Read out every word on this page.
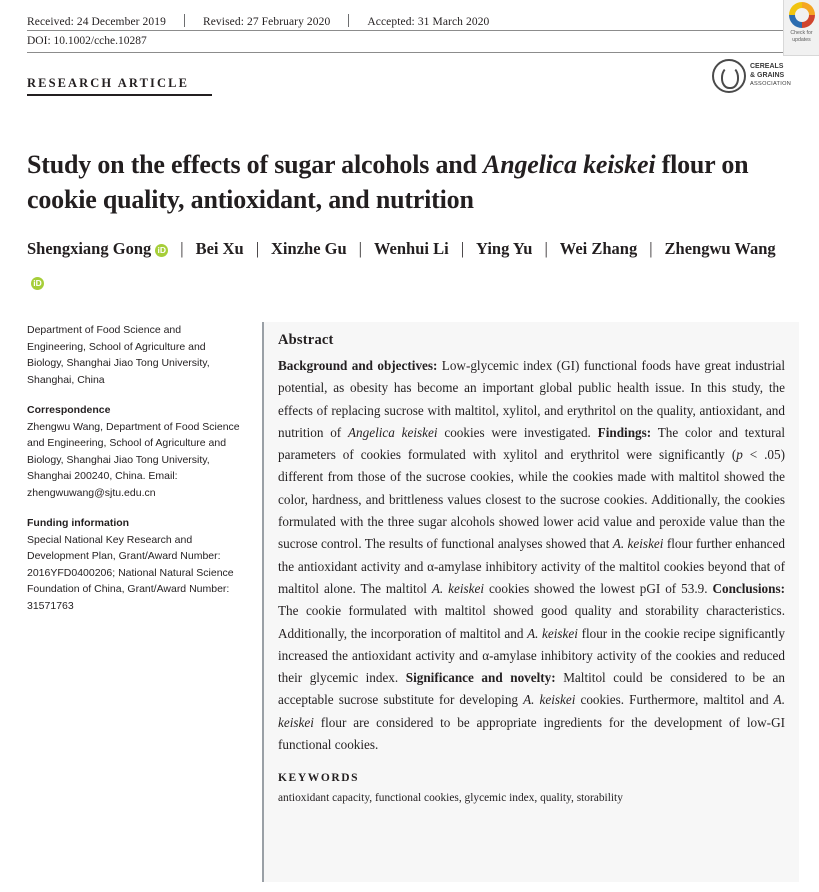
Received: 24 December 2019	Revised: 27 February 2020	Accepted: 31 March 2020
DOI: 10.1002/cche.10287
Check for updates
RESEARCH ARTICLE
CEREALS
& GRAINS
ASSOCIATION
Study on the effects of sugar alcohols and Angelica keiskei flour on cookie quality, antioxidant, and nutrition
Shengxiang Gong iD | Bei Xu | Xinzhe Gu | Wenhui Li | Ying Yu | Wei Zhang | Zhengwu WangiD
Department of Food Science and Engineering, School of Agriculture and Biology, Shanghai Jiao Tong University, Shanghai, China
Correspondence
Zhengwu Wang, Department of Food Science and Engineering, School of Agriculture and Biology, Shanghai Jiao Tong University, Shanghai 200240, China. Email: zhengwuwang@sjtu.edu.cn
Funding information
Special National Key Research and Development Plan, Grant/Award Number: 2016YFD0400206; National Natural Science Foundation of China, Grant/Award Number: 31571763
Abstract

Background and objectives: Low-glycemic index (GI) functional foods have great industrial potential, as obesity has become an important global public health issue. In this study, the effects of replacing sucrose with maltitol, xylitol, and erythritol on the quality, antioxidant, and nutrition of Angelica keiskei cookies were investigated. Findings: The color and textural parameters of cookies formulated with xylitol and erythritol were significantly (p < .05) different from those of the sucrose cookies, while the cookies made with maltitol showed the color, hardness, and brittleness values closest to the sucrose cookies. Additionally, the cookies formulated with the three sugar alcohols showed lower acid value and peroxide value than the sucrose control. The results of functional analyses showed that A. keiskei flour further enhanced the antioxidant activity and α-amylase inhibitory activity of the maltitol cookies beyond that of maltitol alone. The maltitol A. keiskei cookies showed the lowest pGI of 53.9. Conclusions: The cookie formulated with maltitol showed good quality and storability characteristics. Additionally, the incorporation of maltitol and A. keiskei flour in the cookie recipe significantly increased the antioxidant activity and α-amylase inhibitory activity of the cookies and reduced their glycemic index. Significance and novelty: Maltitol could be considered to be an acceptable sucrose substitute for developing A. keiskei cookies. Furthermore, maltitol and A. keiskei flour are considered to be appropriate ingredients for the development of low-GI functional cookies.

KEYWORDS
antioxidant capacity, functional cookies, glycemic index, quality, storability
